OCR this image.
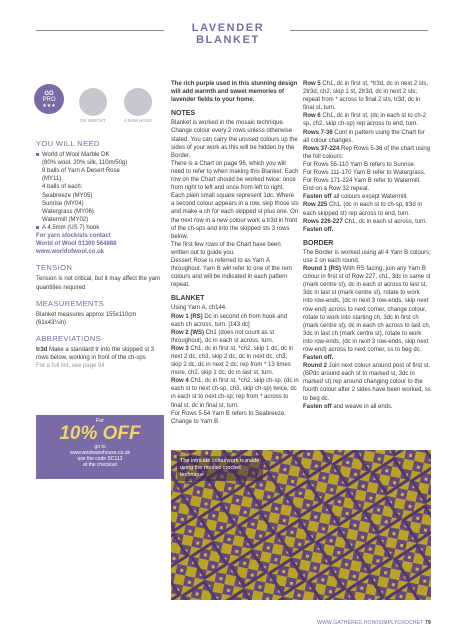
LAVENDER BLANKET
GO
PRO
★★★
DK WEIGHT	4.5MM HOOK
YOU WILL NEED
World of Wool Marble DK
(80% wool, 20% silk, 110m/50g)
9 balls of Yarn A Desert Rose
(MY11)
4 balls of each:
Seabreeze (MY05)
Sunrise (MY04)
Watergrass (MY06)
Watermill (MY02)
A 4.5mm (US 7) hook
For yarn stockists contact
World of Wool 01300 564888
www.worldofwool.co.uk
TENSION
Tension is not critical, but it may affect the yarn quantities required
MEASUREMENTS
Blanket measures approx 155x110cm (61x43¼in)
ABBREVIATIONS
tr3d Make a standard tr into the skipped st 3 rows below, working in front of the ch-sps
For a full list, see page 94
For
10% OFF
go to
www.woolwarehouse.co.uk
use the code SC113
at the checkout

The rich purple used in this stunning design will add warmth and sweet memories of lavender fields to your home.

NOTES

Blanket is worked in the mosaic technique. Change colour every 2 rows unless otherwise stated. You can carry the unused colours up the sides of your work as this will be hidden by the Border.

There is a Chart on page 96, which you will need to refer to when making this Blanket. Each row on the Chart should be worked twice: once from right to left and once from left to right. Each plain small square represent 1dc. Where a second colour appears in a row, skip those sts and make a ch for each skipped st plus one. On the next row in a new colour work a tr3d in front of the ch-sps and into the skipped sts 3 rows below.

The first few rows of the Chart have been written out to guide you.

Dessert Rose is referred to as Yarn A throughout. Yarn B will refer to one of the rem colours and will be indicated in each pattern repeat.

BLANKET

Using Yarn A, ch144.

Row 1 (RS) Dc in second ch from hook and each ch across, turn. [143 dc]

Row 2 (WS) Ch1 (does not count as st throughout), dc in each st across, turn.

Row 3 Ch1, dc in first st, *ch2, skip 1 dc, dc in next 2 dc, ch3, skip 2 dc, dc in next dc, ch3, skip 2 dc, dc in next 2 dc; rep from * 13 times more, ch2, skip 1 dc, dc in last st, turn.

Row 4 Ch1, dc in first st, *ch2, skip ch-sp, (dc in each st to next ch-sp, ch3, skip ch-sp) twice, dc in each st to next ch-sp; rep from * across to final st, dc in final st, turn.

For Rows 5-54 Yarn B refers to Seabreeze.

Change to Yarn B.

Row 5 Ch1, dc in first st, *tr3d, dc in next 2 sts, 2tr3d, ch2, skip 1 st, 2tr3d, dc in next 2 sts; repeat from * across to final 2 sts, tr3d, dc in final st, turn.

Row 6 Ch1, dc in first st, (dc in each st to ch-2 sp, ch2, skip ch-sp) rep across to end, turn.

Rows 7-36 Cont in pattern using the Chart for all colour changes.

Rows 37-224 Rep Rows 5-36 of the chart using the foll colours:

For Rows 55-110 Yarn B refers to Sunrise.

For Rows 111-170 Yarn B refer to Watergrass.

For Rows 171-224 Yarn B refer to Watermill.

End on a Row 32 repeat.

Fasten off all colours except Watermill.

Row 225 Ch1, (dc in each st to ch-sp, tr3d in each skipped st) rep across to end, turn.

Rows 226-227 Ch1, dc in each st across, turn.

Fasten off.

BORDER

The Border is worked using all 4 Yarn B colours; use 2 on each round.

Round 1 (RS) With RS facing, join any Yarn B colour in first st of Row 227, ch1, 3dc in same st (mark centre st), dc in each st across to last st, 3dc in last st (mark centre st), rotate to work into row-ends, (dc in next 3 row-ends, skip next row-end) across to next corner, change colour, rotate to work into starting ch, 3dc in first ch (mark centre st), dc in each ch across to last ch, 3dc in last ch (mark centre st), rotate to work into row-ends, (dc in next 3 row-ends, skip next row-end) across to next corner, ss to beg dc.

Fasten off.

Round 2 Join next colour around post of first st, (BPdc around each st to marked st, 3dc in marked st) rep around changing colour to the fourth colour after 2 sides have been worked, ss to beg dc.

Fasten off and weave in all ends.

The intricate colourwork is made using the mosaic crochet technique
WWW.GATHERED.HOW/SIMPLYCROCHET 79
